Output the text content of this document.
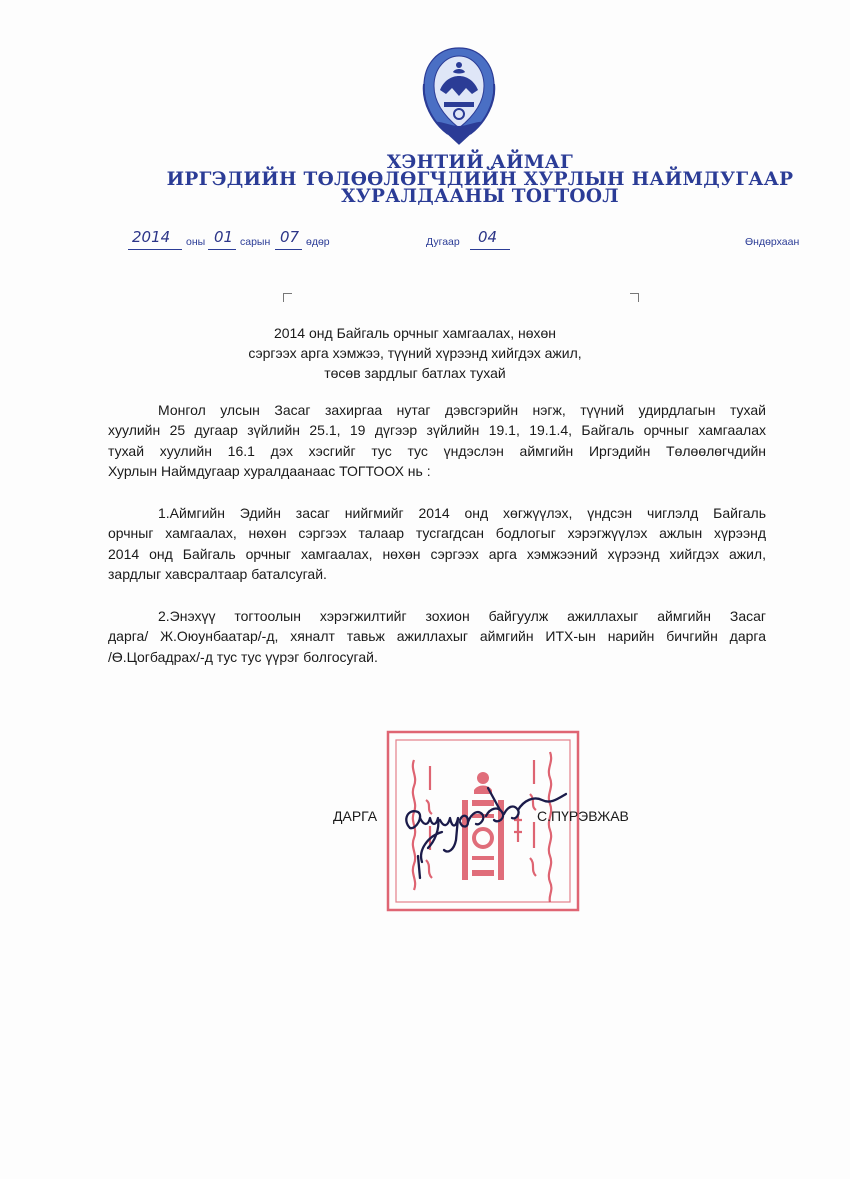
ХЭНТИЙ АЙМАГ
ИРГЭДИЙН ТӨЛӨӨЛӨГЧДИЙН ХУРЛЫН НАЙМДУГААР
ХУРАЛДААНЫ ТОГТООЛ
2014 оны 01 сарын 07 өдөр	Дугаар 04	Өндөрхаан
2014 онд Байгаль орчныг хамгаалах, нөхөн
сэргээх арга хэмжээ, түүний хүрээнд хийгдэх ажил,
төсөв зардлыг батлах тухай
Монгол улсын Засаг захиргаа нутаг дэвсгэрийн нэгж, түүний удирдлагын тухай
хуулийн 25 дугаар зүйлийн 25.1, 19 дүгээр зүйлийн 19.1, 19.1.4, Байгаль орчныг хамгаалах
тухай хуулийн 16.1 дэх хэсгийг тус тус үндэслэн аймгийн Иргэдийн Төлөөлөгчдийн
Хурлын Наймдугаар хуралдаанаас ТОГТООХ нь :
1.Аймгийн Эдийн засаг нийгмийг 2014 онд хөгжүүлэх, үндсэн чиглэлд Байгаль
орчныг хамгаалах, нөхөн сэргээх талаар тусгагдсан бодлогыг хэрэгжүүлэх ажлын хүрээнд
2014 онд Байгаль орчныг хамгаалах, нөхөн сэргээх арга хэмжээний хүрээнд хийгдэх ажил,
зардлыг хавсралтаар баталсугай.
2.Энэхүү тогтоолын хэрэгжилтийг зохион байгуулж ажиллахыг аймгийн Засаг
дарга/ Ж.Оюунбаатар/-д, хяналт тавьж ажиллахыг аймгийн ИТХ-ын нарийн бичгийн дарга
/Ө.Цогбадрах/-д тус тус үүрэг болгосугай.
ДАРГА	С.ПҮРЭВЖАВ
